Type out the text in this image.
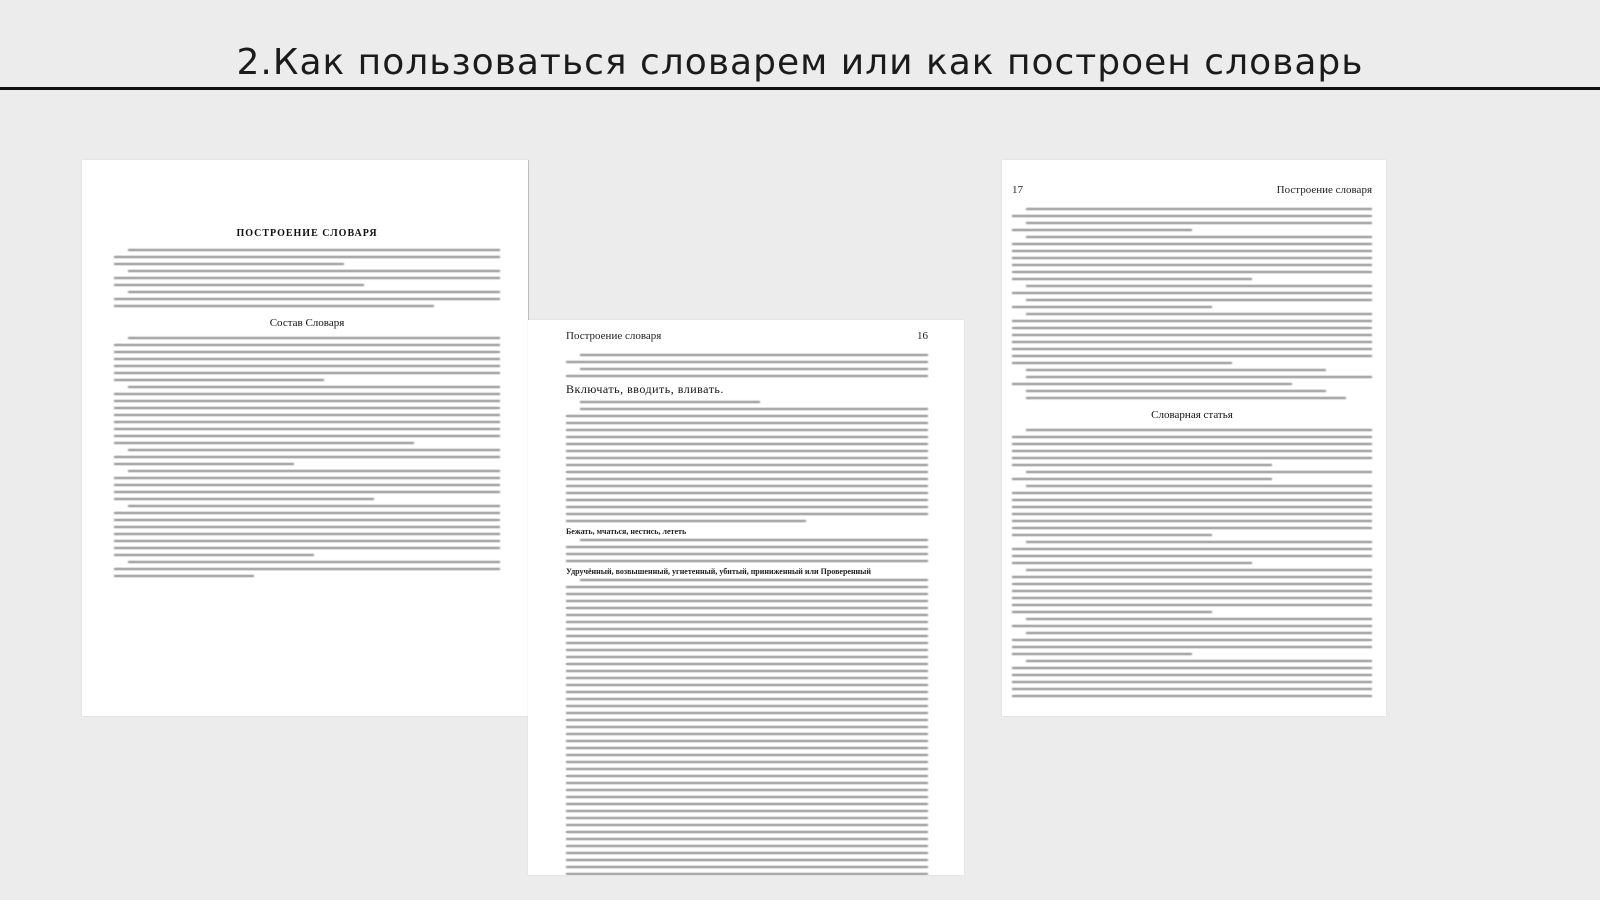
2.Как пользоваться словарем или как построен словарь
ПОСТРОЕНИЕ СЛОВАРЯ
Состав Словаря
Построение словаря	16
Включать, вводить, вливать.
Бежать, мчаться, нестись, лететь
Удручённый, возвышенный, угнетенный, убитый, приниженный или Проверенный
17	Построение словаря
Словарная статья
